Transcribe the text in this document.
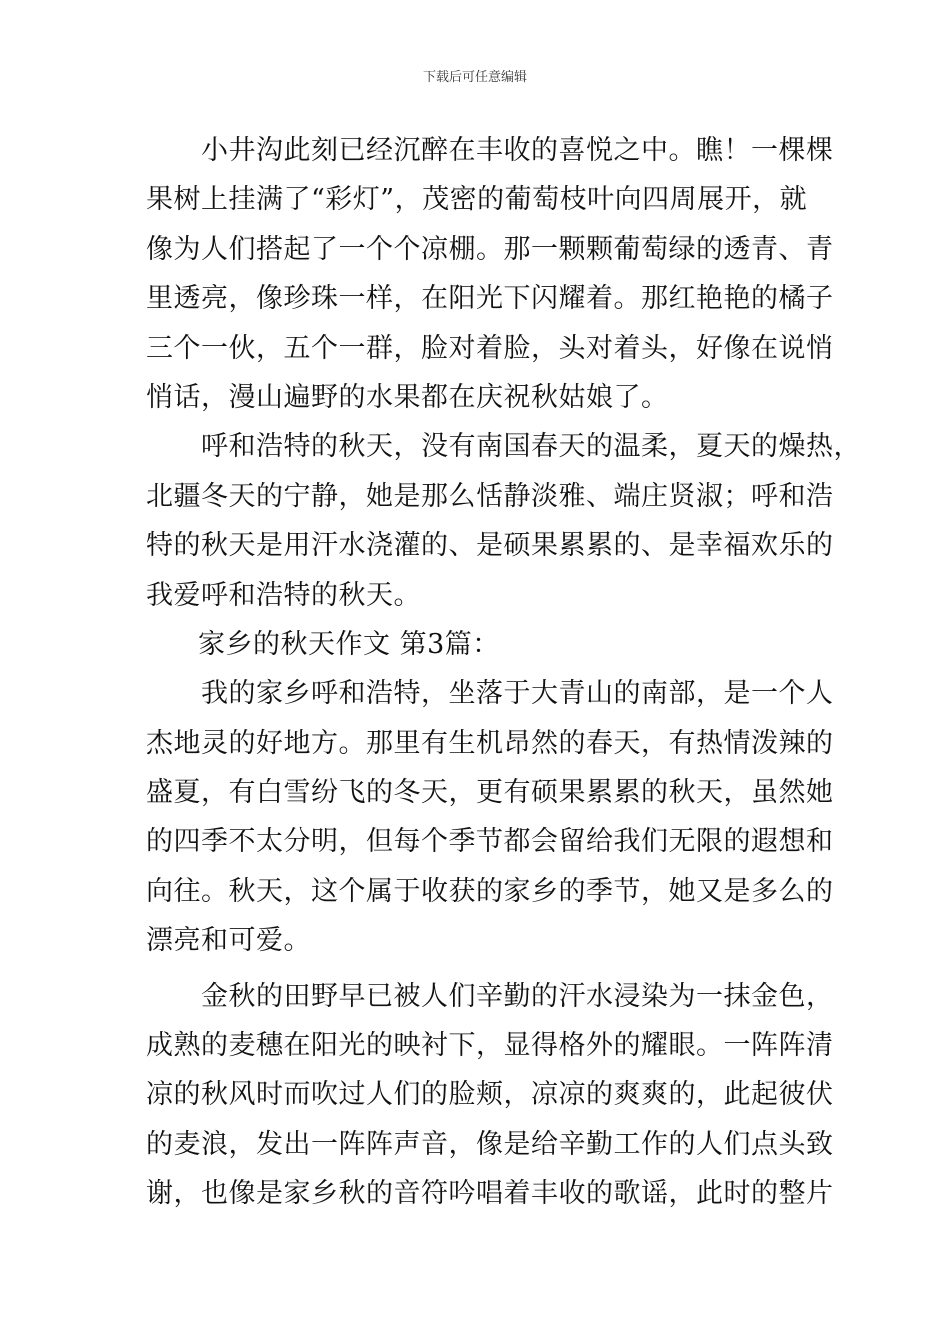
下载后可任意编辑
小井沟此刻已经沉醉在丰收的喜悦之中。瞧！一棵棵
果树上挂满了“彩灯”，茂密的葡萄枝叶向四周展开，就
像为人们搭起了一个个凉棚。那一颗颗葡萄绿的透青、青
里透亮，像珍珠一样，在阳光下闪耀着。那红艳艳的橘子
三个一伙，五个一群，脸对着脸，头对着头，好像在说悄
悄话，漫山遍野的水果都在庆祝秋姑娘了。
呼和浩特的秋天，没有南国春天的温柔，夏天的燥热，
北疆冬天的宁静，她是那么恬静淡雅、端庄贤淑；呼和浩
特的秋天是用汗水浇灌的、是硕果累累的、是幸福欢乐的
我爱呼和浩特的秋天。
家乡的秋天作文 第3篇：
我的家乡呼和浩特，坐落于大青山的南部，是一个人
杰地灵的好地方。那里有生机昂然的春天，有热情泼辣的
盛夏，有白雪纷飞的冬天，更有硕果累累的秋天，虽然她
的四季不太分明，但每个季节都会留给我们无限的遐想和
向往。秋天，这个属于收获的家乡的季节，她又是多么的
漂亮和可爱。
金秋的田野早已被人们辛勤的汗水浸染为一抹金色，
成熟的麦穗在阳光的映衬下，显得格外的耀眼。一阵阵清
凉的秋风时而吹过人们的脸颊，凉凉的爽爽的，此起彼伏
的麦浪，发出一阵阵声音，像是给辛勤工作的人们点头致
谢，也像是家乡秋的音符吟唱着丰收的歌谣，此时的整片
